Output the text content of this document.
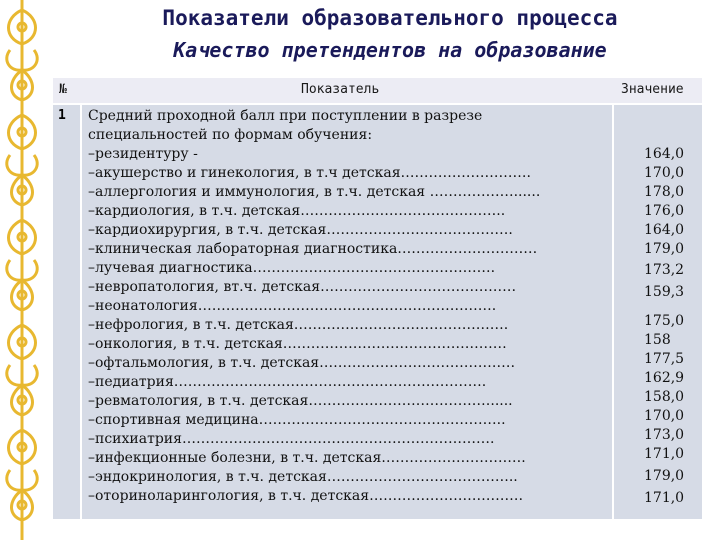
Показатели образовательного процесса
Качество претендентов на образование
№	Показатель	Значение
1 Средний проходной балл при поступлении в разрезе
специальностей по формам обучения:
–резидентуру -
–акушерство и гинекология, в т.ч детская……………………….
–аллергология и иммунология, в т.ч. детская ………………......
–кардиология, в т.ч. детская……………………………………..
–кардиохирургия, в т.ч. детская………………………………….
–клиническая лабораторная диагностика…………………………
–лучевая диагностика…………………………………………….
–невропатология, вт.ч. детская……………………………………
–неонатология……………………………………………………….
–нефрология, в т.ч. детская……………………………………….
–онкология, в т.ч. детская…………………………………………
–офтальмология, в т.ч. детская……………………………………
–педиатрия………………………………………………………….
–ревматология, в т.ч. детская………………………………….....
–спортивная медицина……………………………………………..
–психиатрия………………………………………………………….
–инфекционные болезни, в т.ч. детская………………………….
–эндокринология, в т.ч. детская…………………………………..
–оториноларингология, в т.ч. детская……………………………
164,0
170,0
178,0
176,0
164,0
179,0
173,2
159,3
175,0
158
177,5
162,9
158,0
170,0
173,0
171,0
179,0
171,0
